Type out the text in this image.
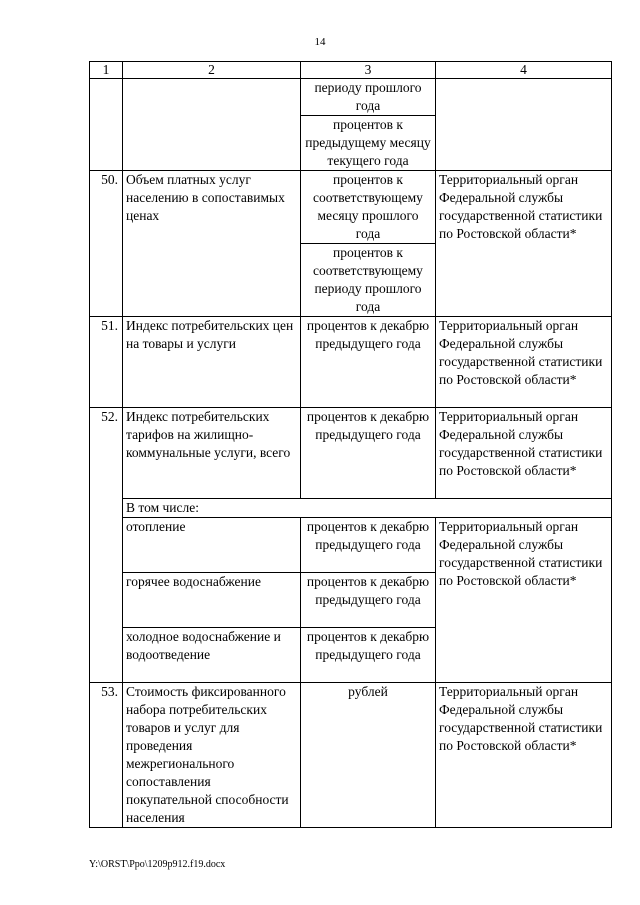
14
1	2	3	4
		периоду прошлого года	
		процентов к предыдущему месяцу текущего года	
50.	Объем платных услуг населению в сопоставимых ценах	процентов к соответствующему месяцу прошлого года	Территориальный орган Федеральной службы государственной статистики по Ростовской области*
		процентов к соответствующему периоду прошлого года	
51.	Индекс потребительских цен на товары и услуги	процентов к декабрю предыдущего года	Территориальный орган Федеральной службы государственной статистики по Ростовской области*
52.	Индекс потребительских тарифов на жилищно-коммунальные услуги, всего	процентов к декабрю предыдущего года	Территориальный орган Федеральной службы государственной статистики по Ростовской области*
	В том числе:		
	отопление	процентов к декабрю предыдущего года	Территориальный орган Федеральной службы государственной статистики по Ростовской области*
	горячее водоснабжение	процентов к декабрю предыдущего года	
	холодное водоснабжение и водоотведение	процентов к декабрю предыдущего года	
53.	Стоимость фиксированного набора потребительских товаров и услуг для проведения межрегионального сопоставления покупательной способности населения	рублей	Территориальный орган Федеральной службы государственной статистики по Ростовской области*
Y:\ORST\Ppo\1209p912.f19.docx
